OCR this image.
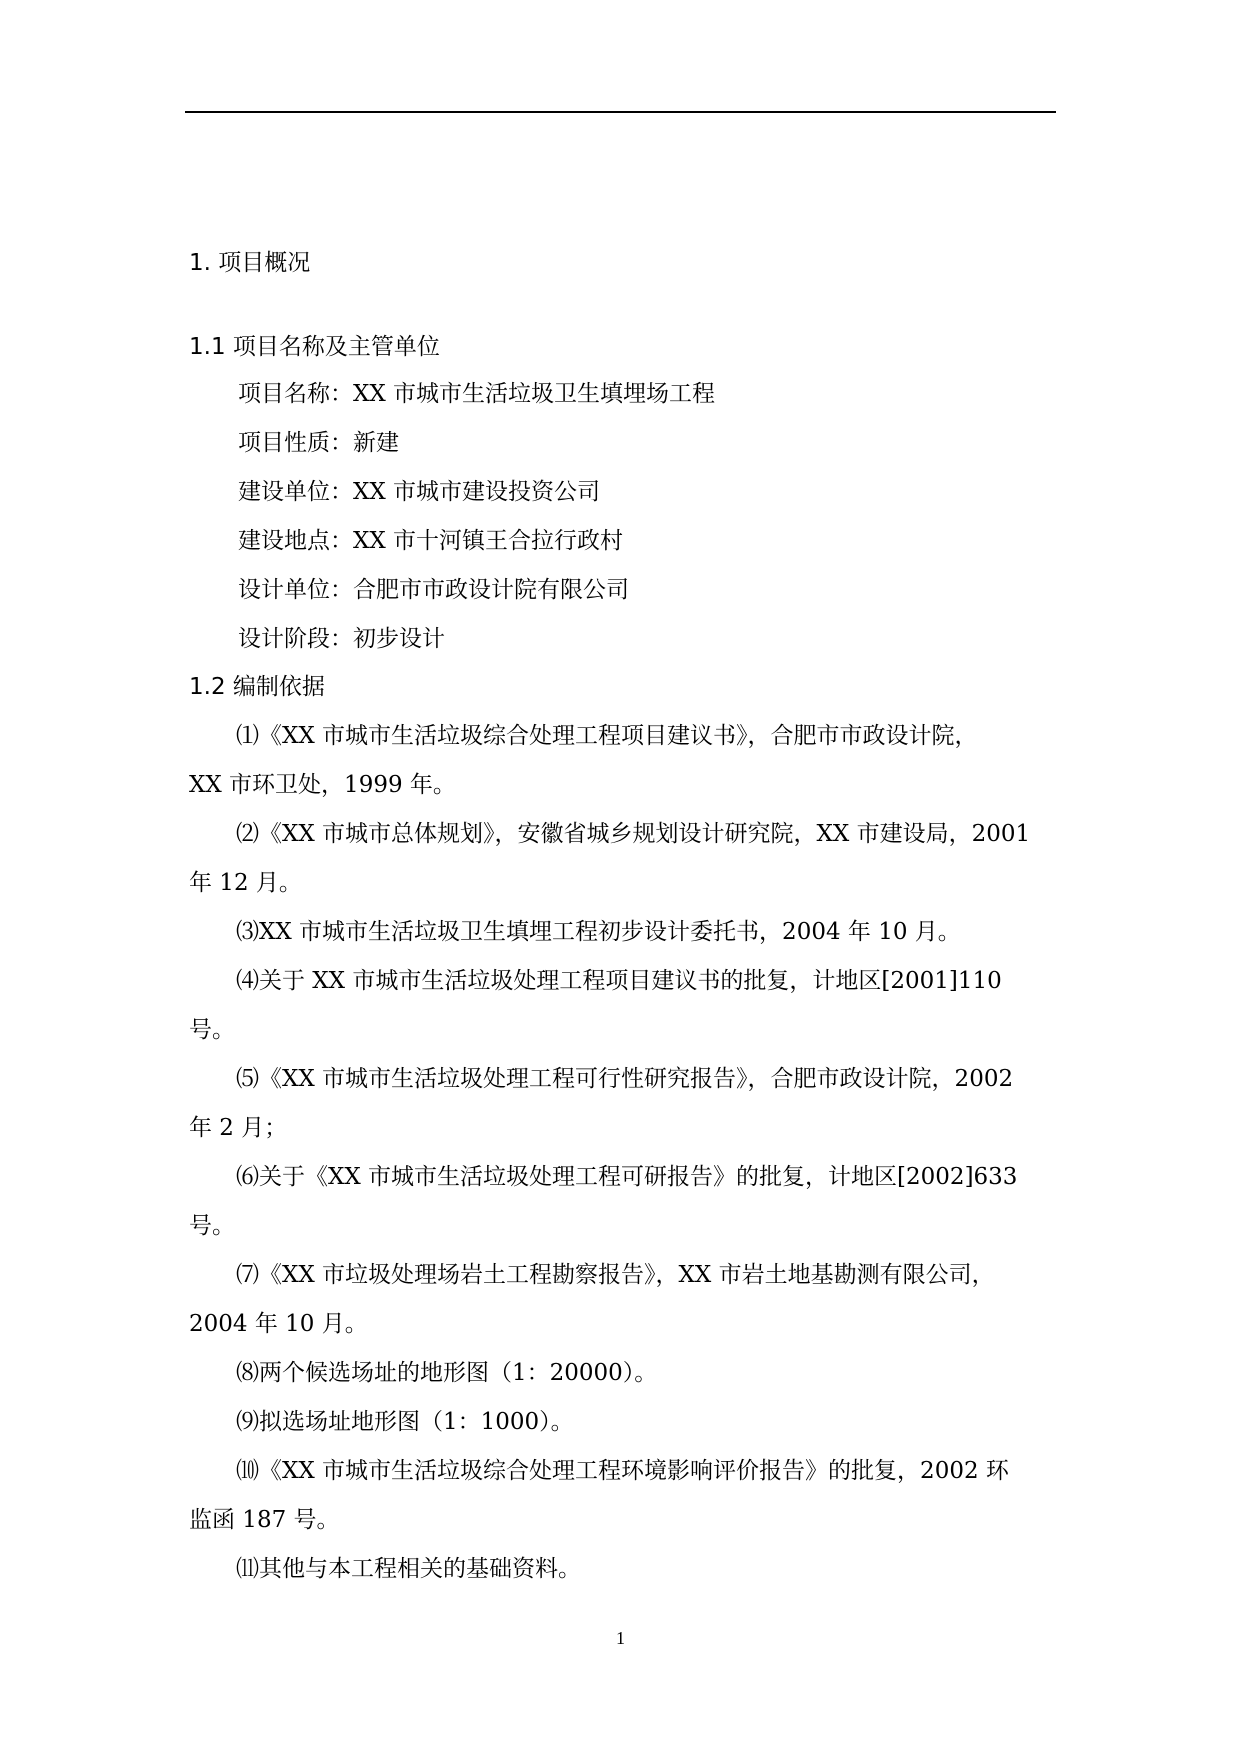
1. 项目概况
1.1 项目名称及主管单位
项目名称：XX 市城市生活垃圾卫生填埋场工程
项目性质：新建
建设单位：XX 市城市建设投资公司
建设地点：XX 市十河镇王合拉行政村
设计单位：合肥市市政设计院有限公司
设计阶段：初步设计
1.2 编制依据
⑴《XX 市城市生活垃圾综合处理工程项目建议书》，合肥市市政设计院，
XX 市环卫处，1999 年。
⑵《XX 市城市总体规划》，安徽省城乡规划设计研究院，XX 市建设局，2001
年 12 月。
⑶XX 市城市生活垃圾卫生填埋工程初步设计委托书，2004 年 10 月。
⑷关于 XX 市城市生活垃圾处理工程项目建议书的批复，计地区[2001]110
号。
⑸《XX 市城市生活垃圾处理工程可行性研究报告》，合肥市政设计院，2002
年 2 月；
⑹关于《XX 市城市生活垃圾处理工程可研报告》的批复，计地区[2002]633
号。
⑺《XX 市垃圾处理场岩土工程勘察报告》，XX 市岩土地基勘测有限公司，
2004 年 10 月。
⑻两个候选场址的地形图（1：20000）。
⑼拟选场址地形图（1：1000）。
⑽《XX 市城市生活垃圾综合处理工程环境影响评价报告》的批复，2002 环
监函 187 号。
⑾其他与本工程相关的基础资料。
1
